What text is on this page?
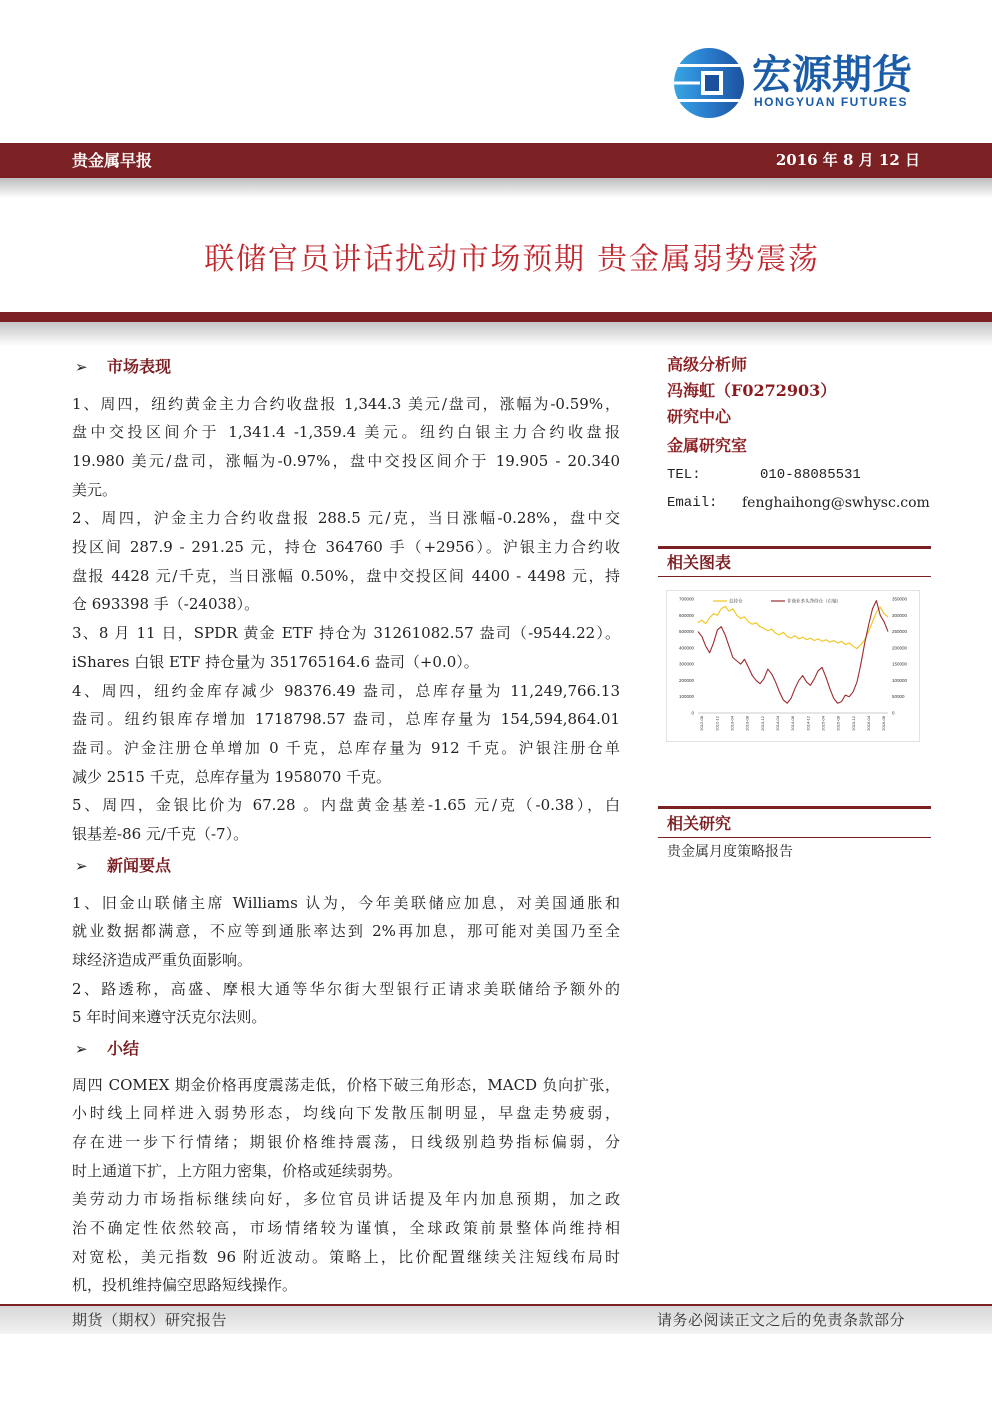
宏源期货
HONGYUAN FUTURES
贵金属早报	2016 年 8 月 12 日
联储官员讲话扰动市场预期 贵金属弱势震荡
➢
市场表现
1、周四，纽约黄金主力合约收盘报 1,344.3 美元/盘司，涨幅为-0.59%，
盘中交投区间介于 1,341.4 -1,359.4 美元。纽约白银主力合约收盘报
19.980 美元/盘司，涨幅为-0.97%，盘中交投区间介于 19.905 - 20.340
美元。
2、周四，沪金主力合约收盘报 288.5 元/克，当日涨幅-0.28%，盘中交
投区间 287.9 - 291.25 元，持仓 364760 手（+2956）。沪银主力合约收
盘报 4428 元/千克，当日涨幅 0.50%，盘中交投区间 4400 - 4498 元，持
仓 693398 手（-24038）。
3、8 月 11 日，SPDR 黄金 ETF 持仓为 31261082.57 盎司（-9544.22）。
iShares 白银 ETF 持仓量为 351765164.6 盎司（+0.0）。
4、周四，纽约金库存减少 98376.49 盎司，总库存量为 11,249,766.13
盎司。纽约银库存增加 1718798.57 盎司，总库存量为 154,594,864.01
盎司。沪金注册仓单增加 0 千克，总库存量为 912 千克。沪银注册仓单
减少 2515 千克，总库存量为 1958070 千克。
5、周四，金银比价为 67.28 。内盘黄金基差-1.65 元/克（-0.38），白
银基差-86 元/千克（-7）。
➢
新闻要点
1、旧金山联储主席 Williams 认为，今年美联储应加息，对美国通胀和
就业数据都满意，不应等到通胀率达到 2%再加息，那可能对美国乃至全
球经济造成严重负面影响。
2、路透称，高盛、摩根大通等华尔街大型银行正请求美联储给予额外的
5 年时间来遵守沃克尔法则。
➢
小结
周四 COMEX 期金价格再度震荡走低，价格下破三角形态，MACD 负向扩张，
小时线上同样进入弱势形态，均线向下发散压制明显，早盘走势疲弱，
存在进一步下行情绪；期银价格维持震荡，日线级别趋势指标偏弱，分
时上通道下扩，上方阻力密集，价格或延续弱势。
美劳动力市场指标继续向好，多位官员讲话提及年内加息预期，加之政
治不确定性依然较高，市场情绪较为谨慎，全球政策前景整体尚维持相
对宽松，美元指数 96 附近波动。策略上，比价配置继续关注短线布局时
机，投机维持偏空思路短线操作。
高级分析师
冯海虹（F0272903）
研究中心
金属研究室
TEL:	010-88085531
Email: fenghaihong@swhysc.com
相关图表
700000
600000
500000
400000
300000
200000
100000
0
350000
300000
250000
200000
150000
100000
50000
0
2012-08	2012-12	2013-04	2013-08	2013-12	2014-04	2014-08	2014-12	2015-04	2015-08	2015-12	2016-04	2016-08
总持仓	非商业多头净持仓（右轴）
相关研究
贵金属月度策略报告
期货（期权）研究报告	请务必阅读正文之后的免责条款部分
